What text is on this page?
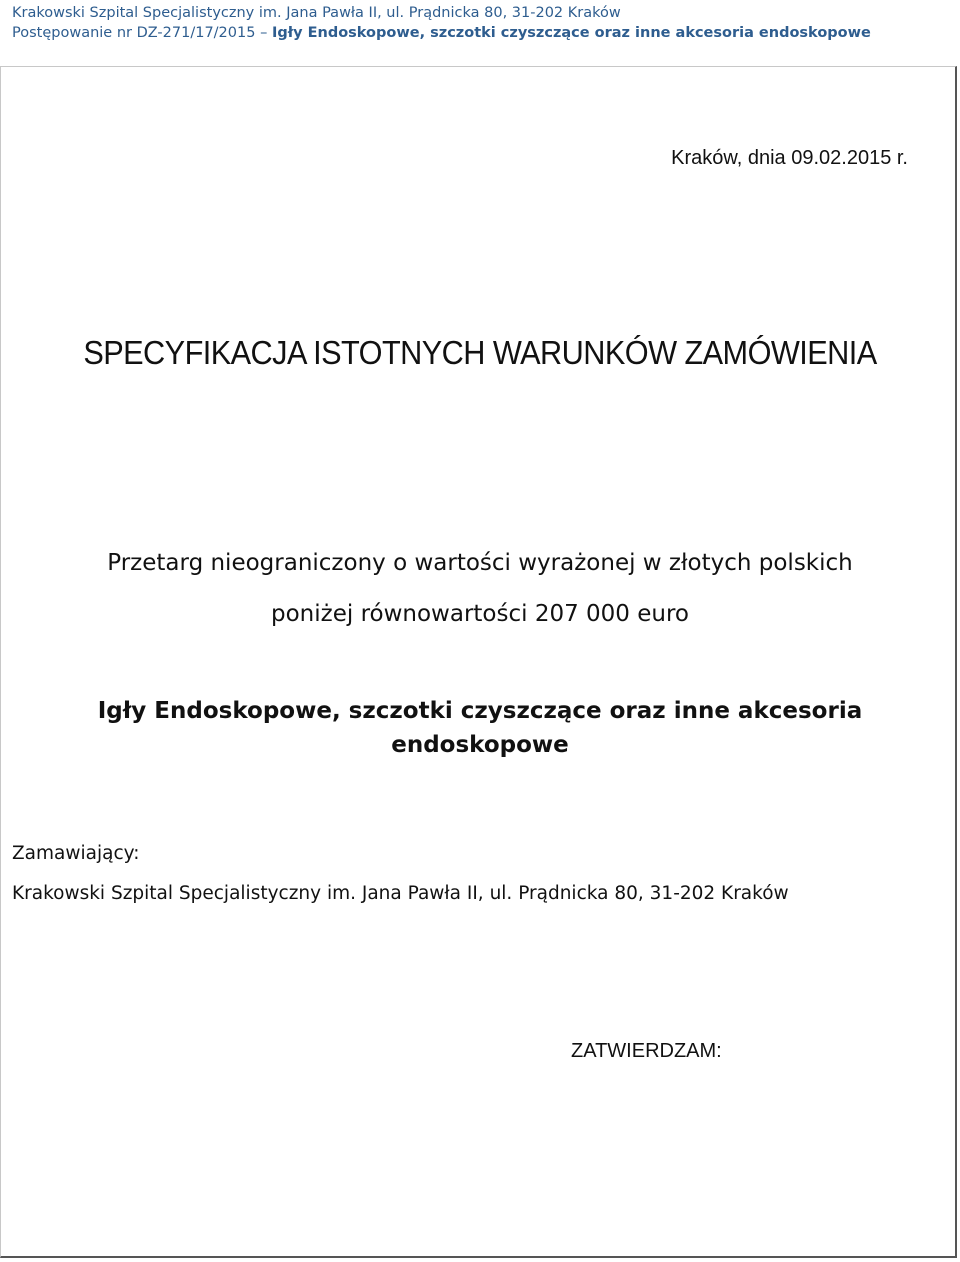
Krakowski Szpital Specjalistyczny im. Jana Pawła II, ul. Prądnicka 80, 31-202 Kraków
Postępowanie nr DZ-271/17/2015 – Igły Endoskopowe, szczotki czyszczące oraz inne akcesoria endoskopowe
Kraków, dnia 09.02.2015 r.
SPECYFIKACJA ISTOTNYCH WARUNKÓW ZAMÓWIENIA
Przetarg nieograniczony o wartości wyrażonej w złotych polskich
poniżej równowartości 207 000 euro
Igły Endoskopowe, szczotki czyszczące oraz inne akcesoria
endoskopowe
Zamawiający:
Krakowski Szpital Specjalistyczny im. Jana Pawła II, ul. Prądnicka 80, 31-202 Kraków
ZATWIERDZAM:
